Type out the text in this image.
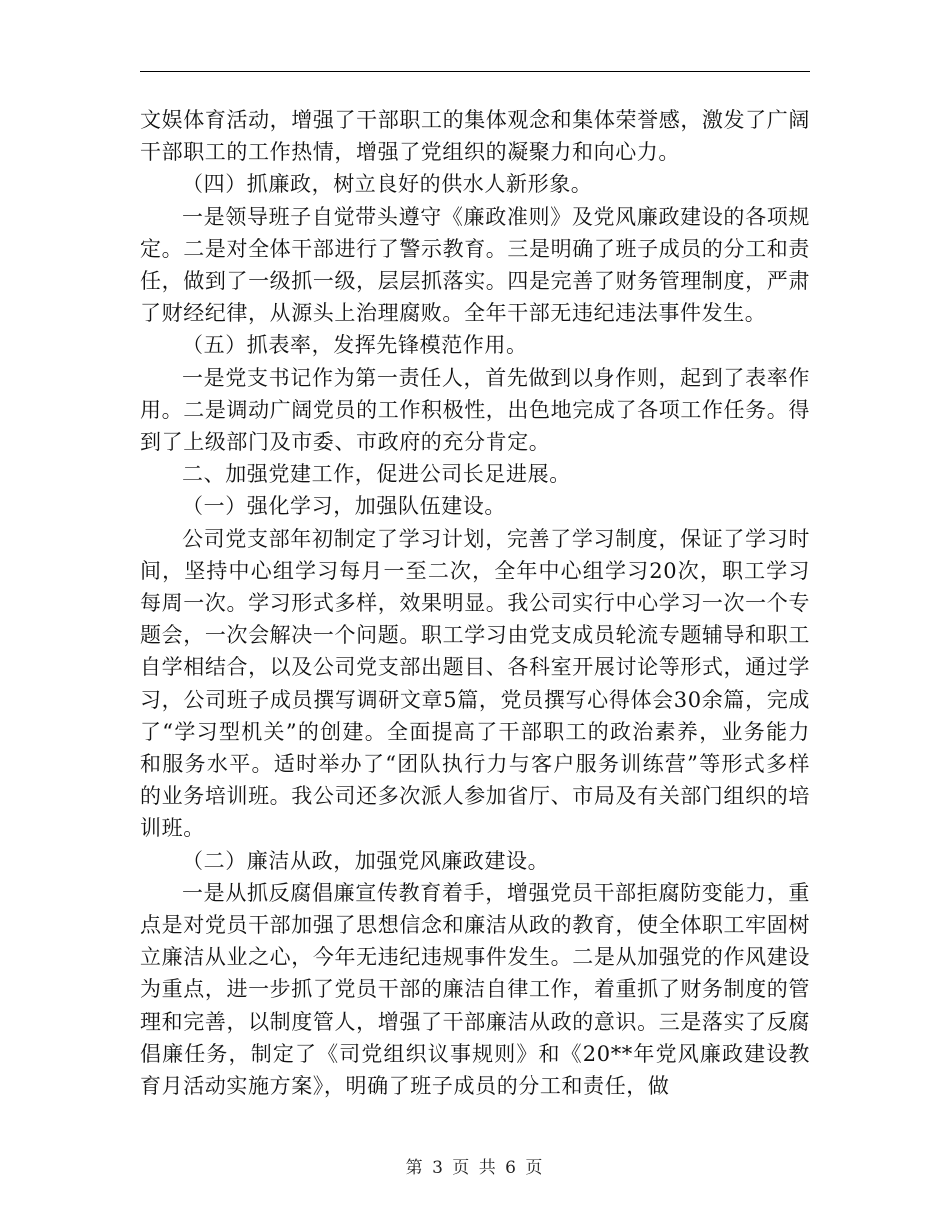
文娱体育活动，增强了干部职工的集体观念和集体荣誉感，激发了广阔干部职工的工作热情，增强了党组织的凝聚力和向心力。

（四）抓廉政，树立良好的供水人新形象。

一是领导班子自觉带头遵守《廉政准则》及党风廉政建设的各项规定。二是对全体干部进行了警示教育。三是明确了班子成员的分工和责任，做到了一级抓一级，层层抓落实。四是完善了财务管理制度，严肃了财经纪律，从源头上治理腐败。全年干部无违纪违法事件发生。

（五）抓表率，发挥先锋模范作用。

一是党支书记作为第一责任人，首先做到以身作则，起到了表率作用。二是调动广阔党员的工作积极性，出色地完成了各项工作任务。得到了上级部门及市委、市政府的充分肯定。

二、加强党建工作，促进公司长足进展。

（一）强化学习，加强队伍建设。

公司党支部年初制定了学习计划，完善了学习制度，保证了学习时间，坚持中心组学习每月一至二次，全年中心组学习20次，职工学习每周一次。学习形式多样，效果明显。我公司实行中心学习一次一个专题会，一次会解决一个问题。职工学习由党支成员轮流专题辅导和职工自学相结合，以及公司党支部出题目、各科室开展讨论等形式，通过学习，公司班子成员撰写调研文章5篇，党员撰写心得体会30余篇，完成了“学习型机关”的创建。全面提高了干部职工的政治素养，业务能力和服务水平。适时举办了“团队执行力与客户服务训练营”等形式多样的业务培训班。我公司还多次派人参加省厅、市局及有关部门组织的培训班。

（二）廉洁从政，加强党风廉政建设。

一是从抓反腐倡廉宣传教育着手，增强党员干部拒腐防变能力，重点是对党员干部加强了思想信念和廉洁从政的教育，使全体职工牢固树立廉洁从业之心，今年无违纪违规事件发生。二是从加强党的作风建设为重点，进一步抓了党员干部的廉洁自律工作，着重抓了财务制度的管理和完善，以制度管人，增强了干部廉洁从政的意识。三是落实了反腐倡廉任务，制定了《司党组织议事规则》和《20**年党风廉政建设教育月活动实施方案》，明确了班子成员的分工和责任，做

第 3 页 共 6 页
